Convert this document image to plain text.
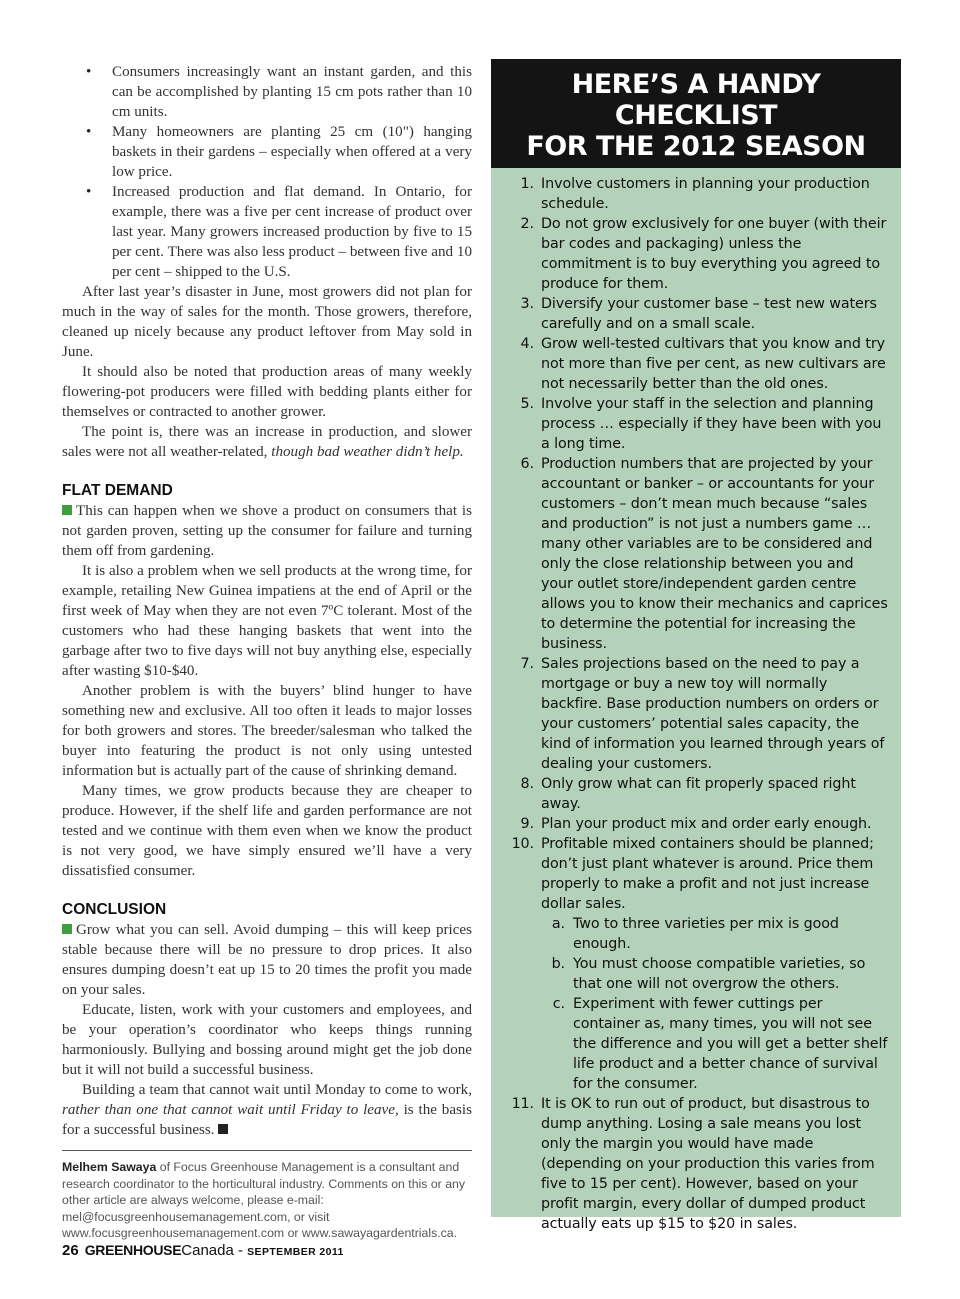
• Consumers increasingly want an instant garden, and this can be accomplished by planting 15 cm pots rather than 10 cm units.
• Many homeowners are planting 25 cm (10") hanging baskets in their gardens – especially when offered at a very low price.
• Increased production and flat demand. In Ontario, for example, there was a five per cent increase of product over last year. Many growers increased production by five to 15 per cent. There was also less product – between five and 10 per cent – shipped to the U.S.

After last year’s disaster in June, most growers did not plan for much in the way of sales for the month. Those growers, therefore, cleaned up nicely because any product leftover from May sold in June.

It should also be noted that production areas of many weekly flowering-pot producers were filled with bedding plants either for themselves or contracted to another grower.

The point is, there was an increase in production, and slower sales were not all weather-related, though bad weather didn’t help.

FLAT DEMAND

This can happen when we shove a product on consumers that is not garden proven, setting up the consumer for failure and turning them off from gardening.

It is also a problem when we sell products at the wrong time, for example, retailing New Guinea impatiens at the end of April or the first week of May when they are not even 7ºC tolerant. Most of the customers who had these hanging baskets that went into the garbage after two to five days will not buy anything else, especially after wasting $10-$40.

Another problem is with the buyers’ blind hunger to have something new and exclusive. All too often it leads to major losses for both growers and stores. The breeder/salesman who talked the buyer into featuring the product is not only using untested information but is actually part of the cause of shrinking demand.

Many times, we grow products because they are cheaper to produce. However, if the shelf life and garden performance are not tested and we continue with them even when we know the product is not very good, we have simply ensured we’ll have a very dissatisfied consumer.

CONCLUSION

Grow what you can sell. Avoid dumping – this will keep prices stable because there will be no pressure to drop prices. It also ensures dumping doesn’t eat up 15 to 20 times the profit you made on your sales.

Educate, listen, work with your customers and employees, and be your operation’s coordinator who keeps things running harmoniously. Bullying and bossing around might get the job done but it will not build a successful business.

Building a team that cannot wait until Monday to come to work, rather than one that cannot wait until Friday to leave, is the basis for a successful business.

Melhem Sawaya of Focus Greenhouse Management is a consultant and research coordinator to the horticultural industry. Comments on this or any other article are always welcome, please e-mail: mel@focusgreenhousemanagement.com, or visit www.focusgreenhousemanagement.com or www.sawayagardentrials.ca.
26 GREENHOUSECanada - SEPTEMBER 2011
HERE’S A HANDY CHECKLIST
FOR THE 2012 SEASON
1. Involve customers in planning your production schedule.
2. Do not grow exclusively for one buyer (with their bar codes and packaging) unless the commitment is to buy everything you agreed to produce for them.
3. Diversify your customer base – test new waters carefully and on a small scale.
4. Grow well-tested cultivars that you know and try not more than five per cent, as new cultivars are not necessarily better than the old ones.
5. Involve your staff in the selection and planning process … especially if they have been with you a long time.
6. Production numbers that are projected by your accountant or banker – or accountants for your customers – don’t mean much because “sales and production” is not just a numbers game … many other variables are to be considered and only the close relationship between you and your outlet store/independent garden centre allows you to know their mechanics and caprices to determine the potential for increasing the business.
7. Sales projections based on the need to pay a mortgage or buy a new toy will normally backfire. Base production numbers on orders or your customers’ potential sales capacity, the kind of information you learned through years of dealing your customers.
8. Only grow what can fit properly spaced right away.
9. Plan your product mix and order early enough.
10. Profitable mixed containers should be planned; don’t just plant whatever is around. Price them properly to make a profit and not just increase dollar sales.
a. Two to three varieties per mix is good enough.
b. You must choose compatible varieties, so that one will not overgrow the others.
c. Experiment with fewer cuttings per container as, many times, you will not see the difference and you will get a better shelf life product and a better chance of survival for the consumer.
11. It is OK to run out of product, but disastrous to dump anything. Losing a sale means you lost only the margin you would have made (depending on your production this varies from five to 15 per cent). However, based on your profit margin, every dollar of dumped product actually eats up $15 to $20 in sales.
